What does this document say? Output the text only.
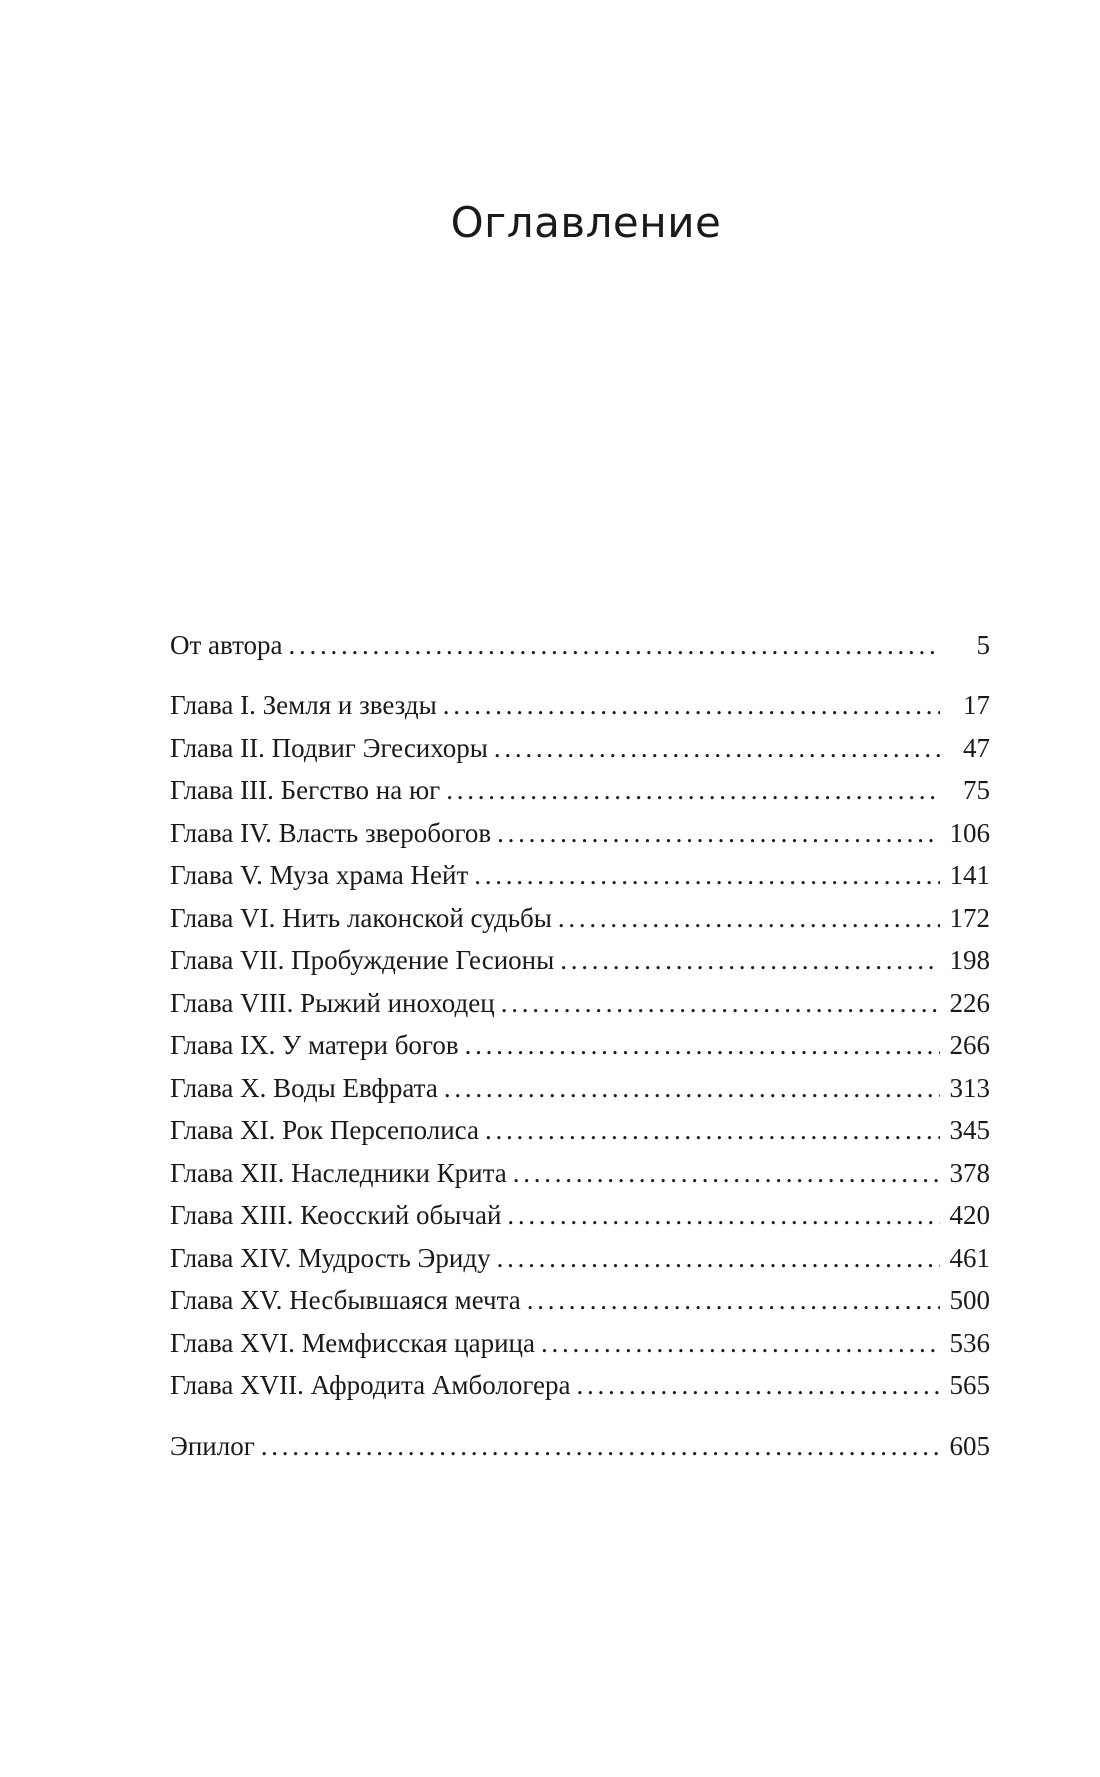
Оглавление
От автора . . .	5
Глава I. Земля и звезды . . .	17
Глава II. Подвиг Эгесихоры . . .	47
Глава III. Бегство на юг . . .	75
Глава IV. Власть зверобогов . . .	106
Глава V. Муза храма Нейт . . .	141
Глава VI. Нить лаконской судьбы . . .	172
Глава VII. Пробуждение Гесионы . . .	198
Глава VIII. Рыжий иноходец . . .	226
Глава IX. У матери богов . . .	266
Глава X. Воды Евфрата . . .	313
Глава XI. Рок Персеполиса . . .	345
Глава XII. Наследники Крита . . .	378
Глава XIII. Кеосский обычай . . .	420
Глава XIV. Мудрость Эриду . . .	461
Глава XV. Несбывшаяся мечта . . .	500
Глава XVI. Мемфисская царица . . .	536
Глава XVII. Афродита Амбологера . . .	565
Эпилог . . .	605
